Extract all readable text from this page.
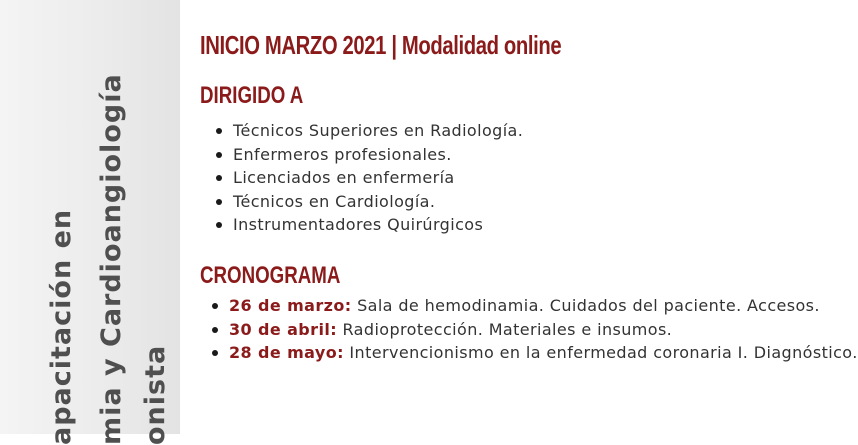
apacitación en mia y Cardioangiología onista
INICIO MARZO 2021 | Modalidad online
DIRIGIDO A
Técnicos Superiores en Radiología.
Enfermeros profesionales.
Licenciados en enfermería
Técnicos en Cardiología.
Instrumentadores Quirúrgicos
CRONOGRAMA
26 de marzo: Sala de hemodinamia. Cuidados del paciente. Accesos.
30 de abril: Radioprotección. Materiales e insumos.
28 de mayo: Intervencionismo en la enfermedad coronaria I. Diagnóstico.
